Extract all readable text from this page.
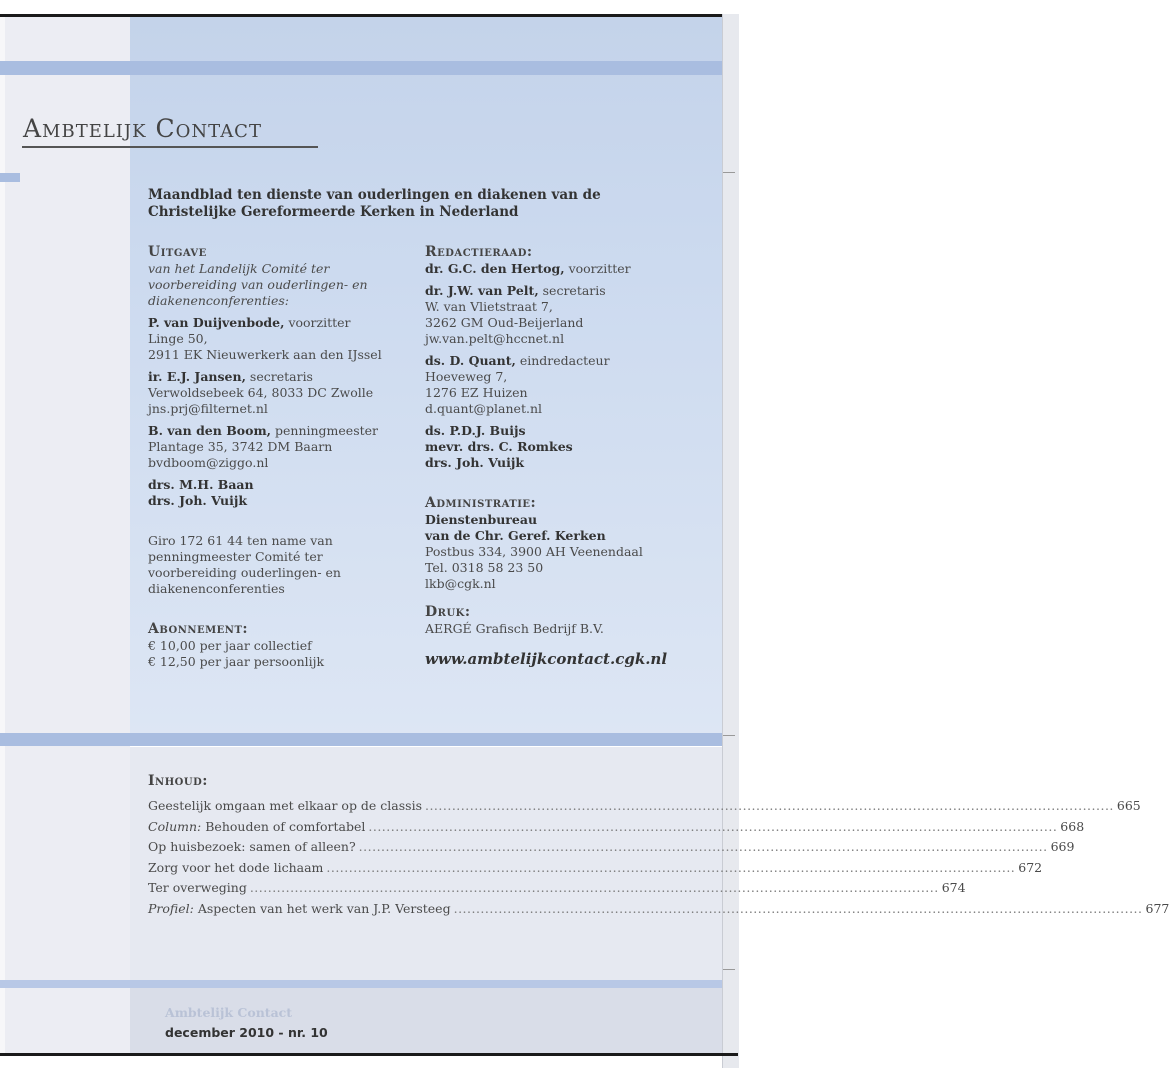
Ambtelijk Contact
Maandblad ten dienste van ouderlingen en diakenen van de Christelijke Gereformeerde Kerken in Nederland
Uitgave
van het Landelijk Comité ter voorbereiding van ouderlingen- en diakenenconferenties:
P. van Duijvenbode, voorzitter
Linge 50,
2911 EK Nieuwerkerk aan den IJssel
ir. E.J. Jansen, secretaris
Verwoldsebeek 64, 8033 DC Zwolle
jns.prj@filternet.nl
B. van den Boom, penningmeester
Plantage 35, 3742 DM Baarn
bvdboom@ziggo.nl
drs. M.H. Baan
drs. Joh. Vuijk
Giro 172 61 44 ten name van penningmeester Comité ter voorbereiding ouderlingen- en diakenenconferenties
Abonnement:
€ 10,00 per jaar collectief
€ 12,50 per jaar persoonlijk
Redactieraad:
dr. G.C. den Hertog, voorzitter
dr. J.W. van Pelt, secretaris
W. van Vlietstraat 7,
3262 GM Oud-Beijerland
jw.van.pelt@hccnet.nl
ds. D. Quant, eindredacteur
Hoeveweg 7,
1276 EZ Huizen
d.quant@planet.nl
ds. P.D.J. Buijs
mevr. drs. C. Romkes
drs. Joh. Vuijk
Administratie:
Dienstenbureau
van de Chr. Geref. Kerken
Postbus 334, 3900 AH Veenendaal
Tel. 0318 58 23 50
lkb@cgk.nl
Druk:
AERGÉ Grafisch Bedrijf B.V.
www.ambtelijkcontact.cgk.nl
Inhoud:
Geestelijk omgaan met elkaar op de classis .......................................................................................................................................................... 665
Column: Behouden of comfortabel .......................................................................................................................................................... 668
Op huisbezoek: samen of alleen? .......................................................................................................................................................... 669
Zorg voor het dode lichaam .......................................................................................................................................................... 672
Ter overweging .......................................................................................................................................................... 674
Profiel: Aspecten van het werk van J.P. Versteeg .......................................................................................................................................................... 677
Ambtelijk Contact
december 2010 - nr. 10
